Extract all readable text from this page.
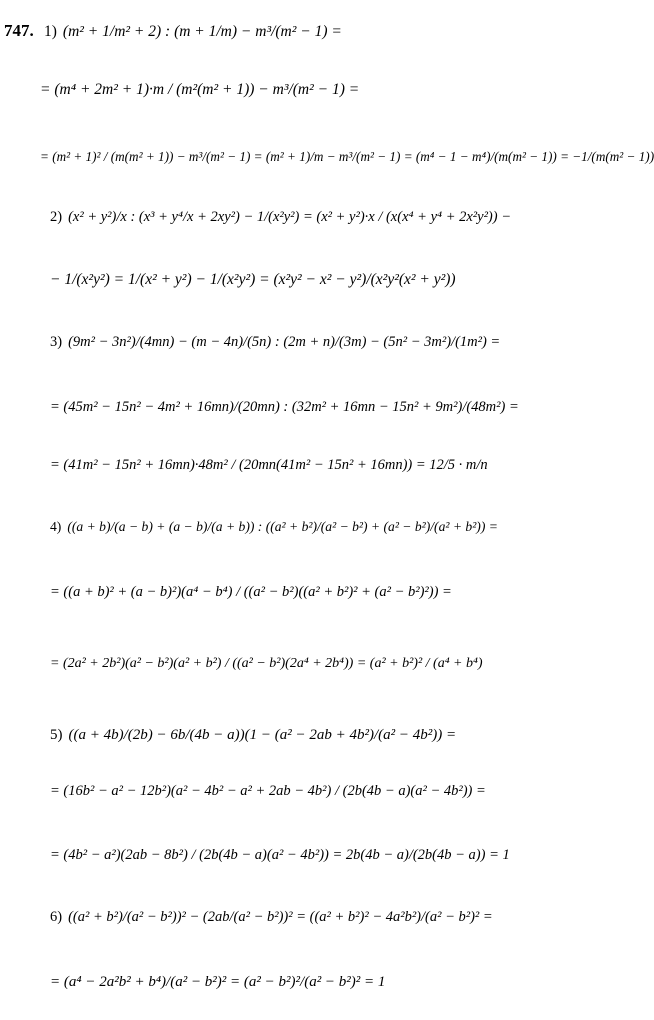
747. 1) (m² + 1/m² + 2) : (m + 1/m) − m³/(m² − 1) =
= (m⁴ + 2m² + 1)·m / (m²(m² + 1)) − m³/(m² − 1) =
= (m² + 1)² / (m(m² + 1)) − m³/(m² − 1) = (m² + 1)/m − m³/(m² − 1) = (m⁴ − 1 − m⁴)/(m(m² − 1)) = −1/(m(m² − 1))
2) (x² + y²)/x : (x³ + y⁴/x + 2xy²) − 1/(x²y²) = (x² + y²)·x / (x(x⁴ + y⁴ + 2x²y²)) −
− 1/(x²y²) = 1/(x² + y²) − 1/(x²y²) = (x²y² − x² − y²)/(x²y²(x² + y²))
3) (9m² − 3n²)/(4mn) − (m − 4n)/(5n) : (2m + n)/(3m) − (5n² − 3m²)/(1m²) =
= (45m² − 15n² − 4m² + 16mn)/(20mn) : (32m² + 16mn − 15n² + 9m²)/(48m²) =
= (41m² − 15n² + 16mn)·48m² / (20mn(41m² − 15n² + 16mn)) = 12/5 · m/n
4) ((a + b)/(a − b) + (a − b)/(a + b)) : ((a² + b²)/(a² − b²) + (a² − b²)/(a² + b²)) =
= ((a + b)² + (a − b)²)(a⁴ − b⁴) / ((a² − b²)((a² + b²)² + (a² − b²)²)) =
= (2a² + 2b²)(a² − b²)(a² + b²) / ((a² − b²)(2a⁴ + 2b⁴)) = (a² + b²)² / (a⁴ + b⁴)
5) ((a + 4b)/(2b) − 6b/(4b − a))(1 − (a² − 2ab + 4b²)/(a² − 4b²)) =
= (16b² − a² − 12b²)(a² − 4b² − a² + 2ab − 4b²) / (2b(4b − a)(a² − 4b²)) =
= (4b² − a²)(2ab − 8b²) / (2b(4b − a)(a² − 4b²)) = 2b(4b − a)/(2b(4b − a)) = 1
6) ((a² + b²)/(a² − b²))² − (2ab/(a² − b²))² = ((a² + b²)² − 4a²b²)/(a² − b²)² =
= (a⁴ − 2a²b² + b⁴)/(a² − b²)² = (a² − b²)²/(a² − b²)² = 1
